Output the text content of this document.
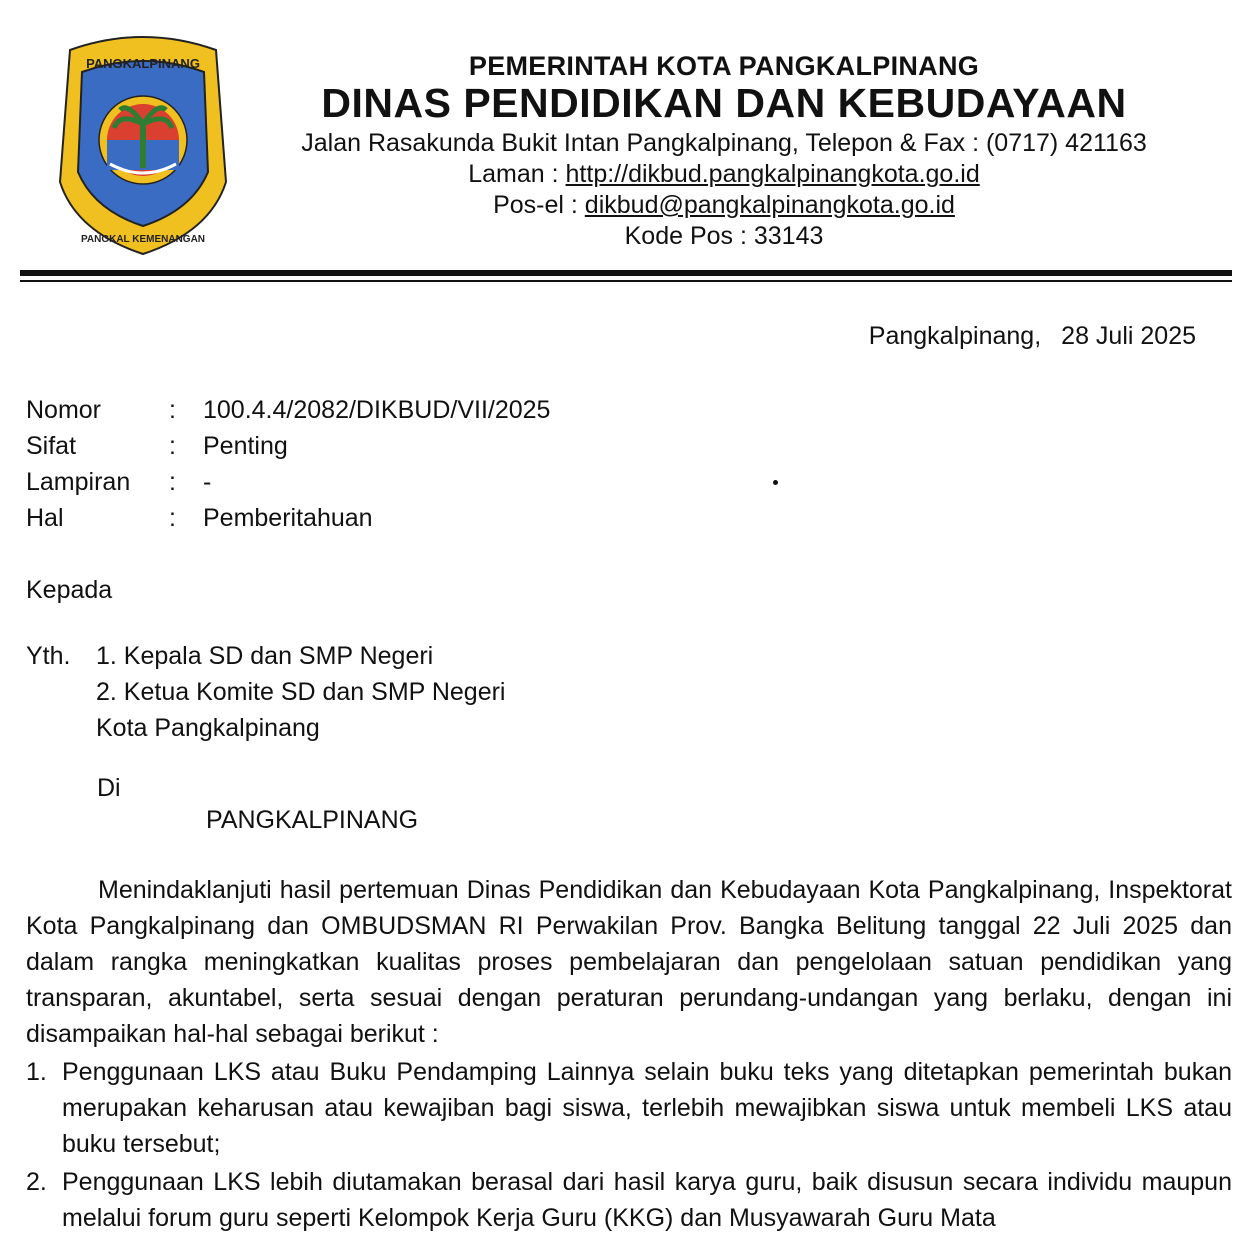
PANGKALPINANG
PANGKAL KEMENANGAN
PEMERINTAH KOTA PANGKALPINANG
DINAS PENDIDIKAN DAN KEBUDAYAAN
Jalan Rasakunda Bukit Intan Pangkalpinang, Telepon & Fax : (0717) 421163
Laman : http://dikbud.pangkalpinangkota.go.id
Pos-el : dikbud@pangkalpinangkota.go.id
Kode Pos : 33143
Pangkalpinang, 28 Juli 2025
Nomor	:	100.4.4/2082/DIKBUD/VII/2025
Sifat	:	Penting
Lampiran	:	-
Hal	:	Pemberitahuan
Kepada
Yth.	1. Kepala SD dan SMP Negeri
2. Ketua Komite SD dan SMP Negeri
Kota Pangkalpinang
Di
PANGKALPINANG
Menindaklanjuti hasil pertemuan Dinas Pendidikan dan Kebudayaan Kota Pangkalpinang, Inspektorat Kota Pangkalpinang dan OMBUDSMAN RI Perwakilan Prov. Bangka Belitung tanggal 22 Juli 2025 dan dalam rangka meningkatkan kualitas proses pembelajaran dan pengelolaan satuan pendidikan yang transparan, akuntabel, serta sesuai dengan peraturan perundang-undangan yang berlaku, dengan ini disampaikan hal-hal sebagai berikut :
1. Penggunaan LKS atau Buku Pendamping Lainnya selain buku teks yang ditetapkan pemerintah bukan merupakan keharusan atau kewajiban bagi siswa, terlebih mewajibkan siswa untuk membeli LKS atau buku tersebut;
2. Penggunaan LKS lebih diutamakan berasal dari hasil karya guru, baik disusun secara individu maupun melalui forum guru seperti Kelompok Kerja Guru (KKG) dan Musyawarah Guru Mata
